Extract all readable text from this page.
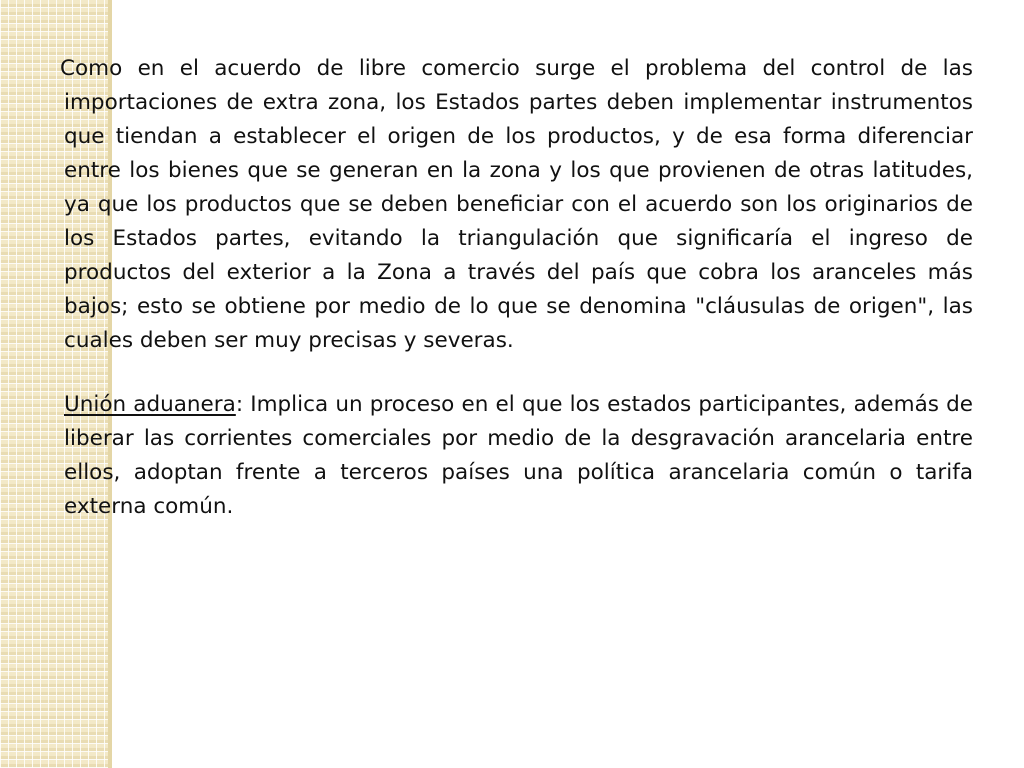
Como en el acuerdo de libre comercio surge el problema del control de las importaciones de extra zona, los Estados partes deben implementar instrumentos que tiendan a establecer el origen de los productos, y de esa forma diferenciar entre los bienes que se generan en la zona y los que provienen de otras latitudes, ya que los productos que se deben beneficiar con el acuerdo son los originarios de los Estados partes, evitando la triangulación que significaría el ingreso de productos del exterior a la Zona a través del país que cobra los aranceles más bajos; esto se obtiene por medio de lo que se denomina "cláusulas de origen", las cuales deben ser muy precisas y severas.

Unión aduanera: Implica un proceso en el que los estados participantes, además de liberar las corrientes comerciales por medio de la desgravación arancelaria entre ellos, adoptan frente a terceros países una política arancelaria común o tarifa externa común.
